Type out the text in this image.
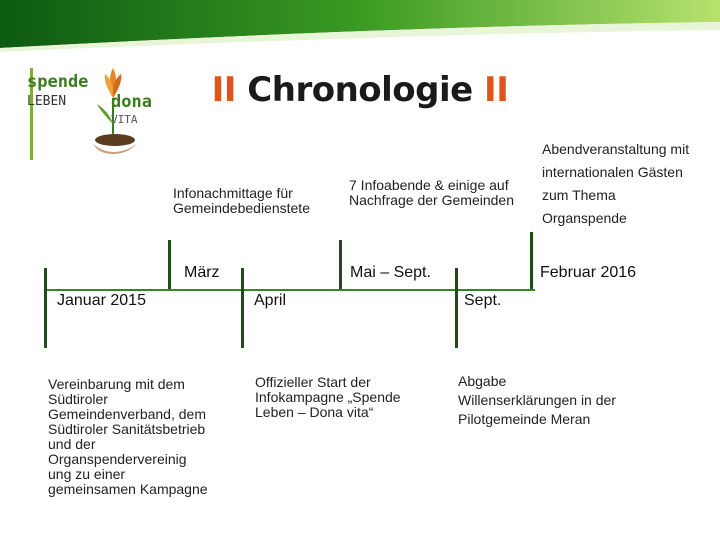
spende
LEBEN	dona
VITA
II Chronologie II
Infonachmittage für Gemeindebedienstete
7 Infoabende & einige auf Nachfrage der Gemeinden
Abendveranstaltung mit internationalen Gästen zum Thema Organspende
März	Mai – Sept.	Februar 2016
Januar 2015	April	Sept.
Vereinbarung mit dem Südtiroler Gemeindenverband, dem Südtiroler Sanitätsbetrieb und der Organspendervereinig ung zu einer gemeinsamen Kampagne
Offizieller Start der Infokampagne „Spende Leben – Dona vita“
Abgabe Willenserklärungen in der Pilotgemeinde Meran
